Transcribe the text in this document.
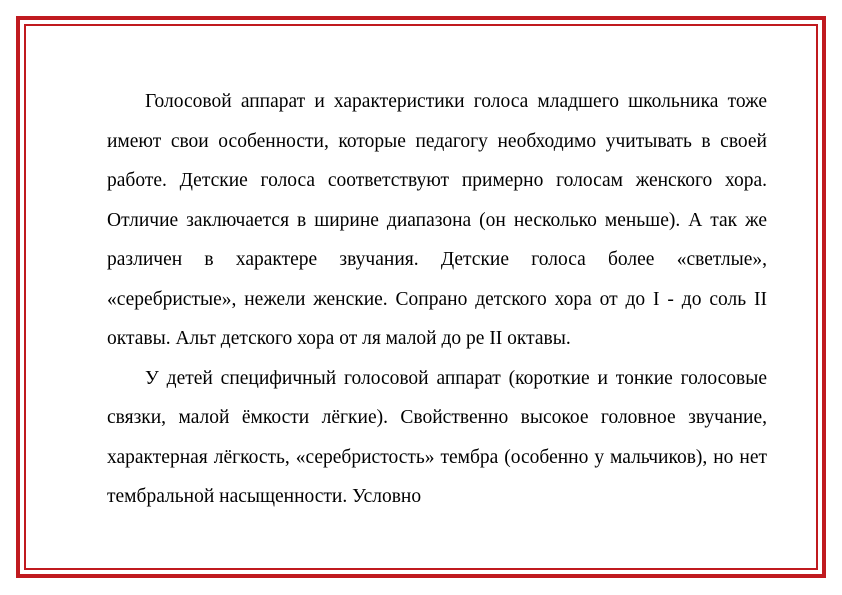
Голосовой аппарат и характеристики голоса младшего школьника тоже имеют свои особенности, которые педагогу необходимо учитывать в своей работе. Детские голоса соответствуют примерно голосам женского хора. Отличие заключается в ширине диапазона (он несколько меньше). А так же различен в характере звучания. Детские голоса более «светлые», «серебристые», нежели женские. Сопрано детского хора от до I - до соль II октавы. Альт детского хора от ля малой до ре II октавы.

У детей специфичный голосовой аппарат (короткие и тонкие голосовые связки, малой ёмкости лёгкие). Свойственно высокое головное звучание, характерная лёгкость, «серебристость» тембра (особенно у мальчиков), но нет тембральной насыщенности. Условно
